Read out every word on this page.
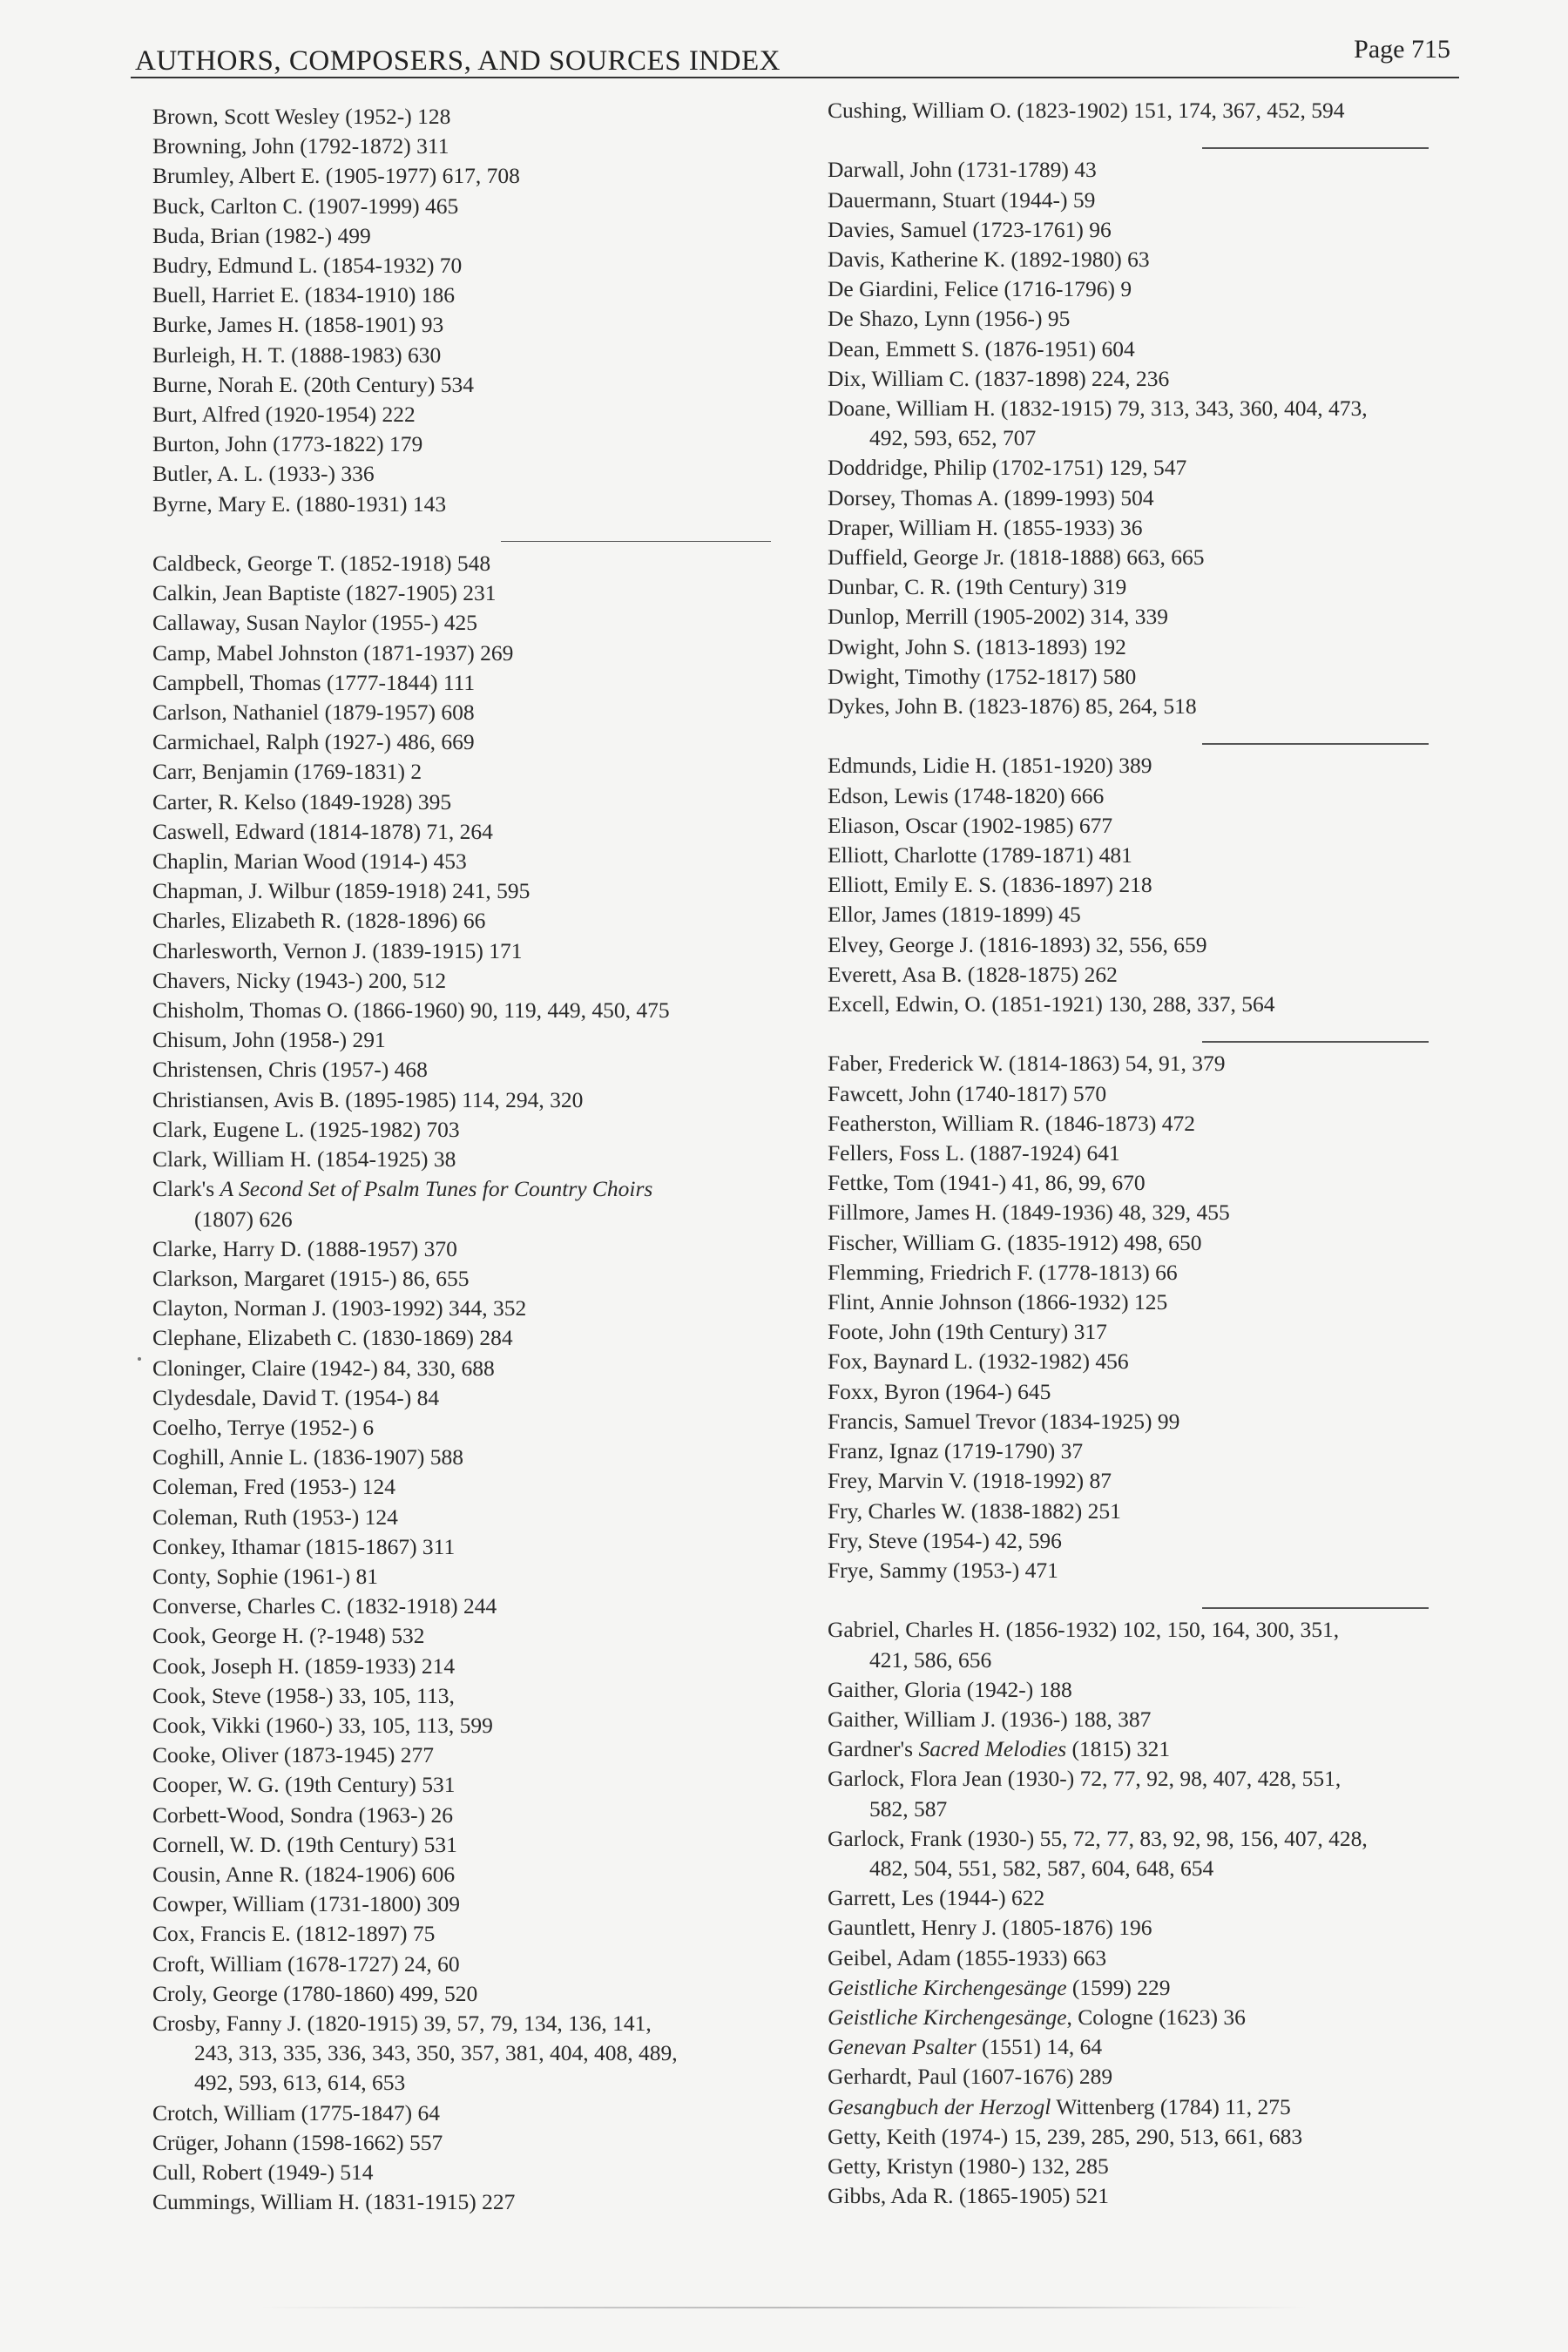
AUTHORS, COMPOSERS, AND SOURCES INDEX	Page 715
Brown, Scott Wesley (1952-) 128
Browning, John (1792-1872) 311
Brumley, Albert E. (1905-1977) 617, 708
Buck, Carlton C. (1907-1999) 465
Buda, Brian (1982-) 499
Budry, Edmund L. (1854-1932) 70
Buell, Harriet E. (1834-1910) 186
Burke, James H. (1858-1901) 93
Burleigh, H. T. (1888-1983) 630
Burne, Norah E. (20th Century) 534
Burt, Alfred (1920-1954) 222
Burton, John (1773-1822) 179
Butler, A. L. (1933-) 336
Byrne, Mary E. (1880-1931) 143
Caldbeck, George T. (1852-1918) 548
Calkin, Jean Baptiste (1827-1905) 231
Callaway, Susan Naylor (1955-) 425
Camp, Mabel Johnston (1871-1937) 269
Campbell, Thomas (1777-1844) 111
Carlson, Nathaniel (1879-1957) 608
Carmichael, Ralph (1927-) 486, 669
Carr, Benjamin (1769-1831) 2
Carter, R. Kelso (1849-1928) 395
Caswell, Edward (1814-1878) 71, 264
Chaplin, Marian Wood (1914-) 453
Chapman, J. Wilbur (1859-1918) 241, 595
Charles, Elizabeth R. (1828-1896) 66
Charlesworth, Vernon J. (1839-1915) 171
Chavers, Nicky (1943-) 200, 512
Chisholm, Thomas O. (1866-1960) 90, 119, 449, 450, 475
Chisum, John (1958-) 291
Christensen, Chris (1957-) 468
Christiansen, Avis B. (1895-1985) 114, 294, 320
Clark, Eugene L. (1925-1982) 703
Clark, William H. (1854-1925) 38
Clark's A Second Set of Psalm Tunes for Country Choirs
(1807) 626
Clarke, Harry D. (1888-1957) 370
Clarkson, Margaret (1915-) 86, 655
Clayton, Norman J. (1903-1992) 344, 352
Clephane, Elizabeth C. (1830-1869) 284
Cloninger, Claire (1942-) 84, 330, 688
Clydesdale, David T. (1954-) 84
Coelho, Terrye (1952-) 6
Coghill, Annie L. (1836-1907) 588
Coleman, Fred (1953-) 124
Coleman, Ruth (1953-) 124
Conkey, Ithamar (1815-1867) 311
Conty, Sophie (1961-) 81
Converse, Charles C. (1832-1918) 244
Cook, George H. (?-1948) 532
Cook, Joseph H. (1859-1933) 214
Cook, Steve (1958-) 33, 105, 113,
Cook, Vikki (1960-) 33, 105, 113, 599
Cooke, Oliver (1873-1945) 277
Cooper, W. G. (19th Century) 531
Corbett-Wood, Sondra (1963-) 26
Cornell, W. D. (19th Century) 531
Cousin, Anne R. (1824-1906) 606
Cowper, William (1731-1800) 309
Cox, Francis E. (1812-1897) 75
Croft, William (1678-1727) 24, 60
Croly, George (1780-1860) 499, 520
Crosby, Fanny J. (1820-1915) 39, 57, 79, 134, 136, 141,
243, 313, 335, 336, 343, 350, 357, 381, 404, 408, 489,
492, 593, 613, 614, 653
Crotch, William (1775-1847) 64
Crüger, Johann (1598-1662) 557
Cull, Robert (1949-) 514
Cummings, William H. (1831-1915) 227
Cushing, William O. (1823-1902) 151, 174, 367, 452, 594
Darwall, John (1731-1789) 43
Dauermann, Stuart (1944-) 59
Davies, Samuel (1723-1761) 96
Davis, Katherine K. (1892-1980) 63
De Giardini, Felice (1716-1796) 9
De Shazo, Lynn (1956-) 95
Dean, Emmett S. (1876-1951) 604
Dix, William C. (1837-1898) 224, 236
Doane, William H. (1832-1915) 79, 313, 343, 360, 404, 473,
492, 593, 652, 707
Doddridge, Philip (1702-1751) 129, 547
Dorsey, Thomas A. (1899-1993) 504
Draper, William H. (1855-1933) 36
Duffield, George Jr. (1818-1888) 663, 665
Dunbar, C. R. (19th Century) 319
Dunlop, Merrill (1905-2002) 314, 339
Dwight, John S. (1813-1893) 192
Dwight, Timothy (1752-1817) 580
Dykes, John B. (1823-1876) 85, 264, 518
Edmunds, Lidie H. (1851-1920) 389
Edson, Lewis (1748-1820) 666
Eliason, Oscar (1902-1985) 677
Elliott, Charlotte (1789-1871) 481
Elliott, Emily E. S. (1836-1897) 218
Ellor, James (1819-1899) 45
Elvey, George J. (1816-1893) 32, 556, 659
Everett, Asa B. (1828-1875) 262
Excell, Edwin, O. (1851-1921) 130, 288, 337, 564
Faber, Frederick W. (1814-1863) 54, 91, 379
Fawcett, John (1740-1817) 570
Featherston, William R. (1846-1873) 472
Fellers, Foss L. (1887-1924) 641
Fettke, Tom (1941-) 41, 86, 99, 670
Fillmore, James H. (1849-1936) 48, 329, 455
Fischer, William G. (1835-1912) 498, 650
Flemming, Friedrich F. (1778-1813) 66
Flint, Annie Johnson (1866-1932) 125
Foote, John (19th Century) 317
Fox, Baynard L. (1932-1982) 456
Foxx, Byron (1964-) 645
Francis, Samuel Trevor (1834-1925) 99
Franz, Ignaz (1719-1790) 37
Frey, Marvin V. (1918-1992) 87
Fry, Charles W. (1838-1882) 251
Fry, Steve (1954-) 42, 596
Frye, Sammy (1953-) 471
Gabriel, Charles H. (1856-1932) 102, 150, 164, 300, 351,
421, 586, 656
Gaither, Gloria (1942-) 188
Gaither, William J. (1936-) 188, 387
Gardner's Sacred Melodies (1815) 321
Garlock, Flora Jean (1930-) 72, 77, 92, 98, 407, 428, 551,
582, 587
Garlock, Frank (1930-) 55, 72, 77, 83, 92, 98, 156, 407, 428,
482, 504, 551, 582, 587, 604, 648, 654
Garrett, Les (1944-) 622
Gauntlett, Henry J. (1805-1876) 196
Geibel, Adam (1855-1933) 663
Geistliche Kirchengesänge (1599) 229
Geistliche Kirchengesänge, Cologne (1623) 36
Genevan Psalter (1551) 14, 64
Gerhardt, Paul (1607-1676) 289
Gesangbuch der Herzogl Wittenberg (1784) 11, 275
Getty, Keith (1974-) 15, 239, 285, 290, 513, 661, 683
Getty, Kristyn (1980-) 132, 285
Gibbs, Ada R. (1865-1905) 521
